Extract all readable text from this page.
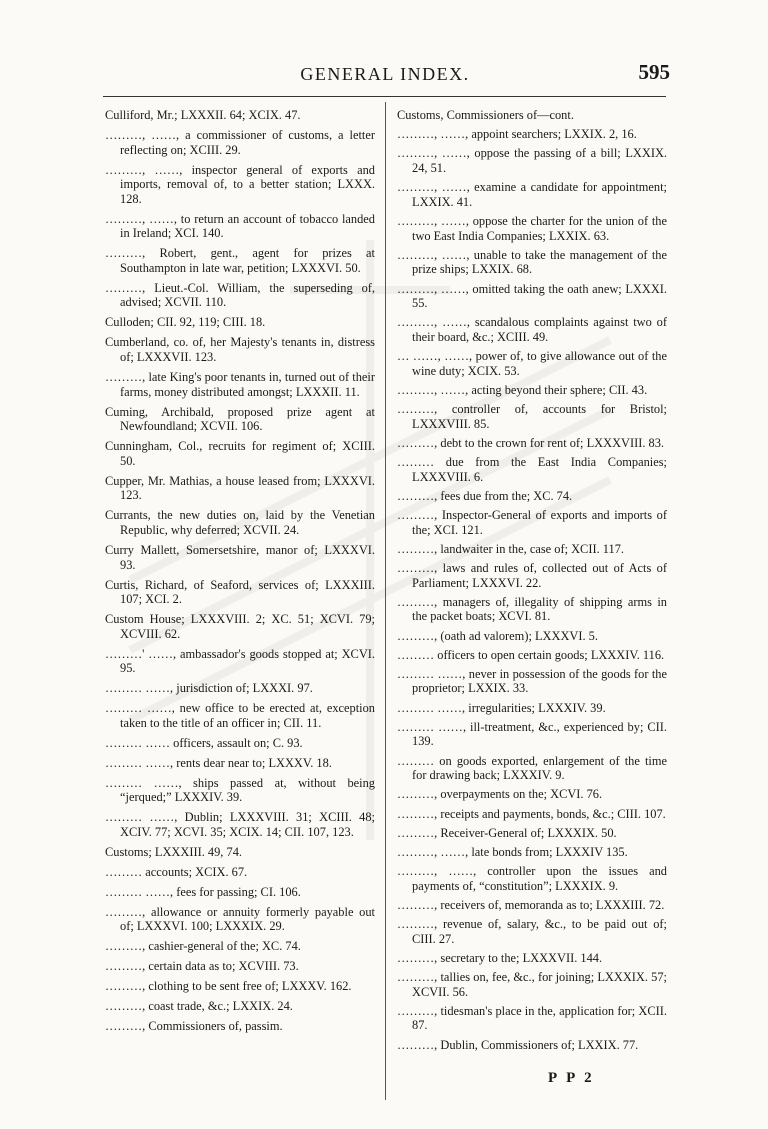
GENERAL INDEX.	595

Culliford, Mr.; LXXXII. 64; XCIX. 47.

………, ……, a commissioner of customs, a letter reflecting on; XCIII. 29.

………, ……, inspector general of exports and imports, removal of, to a better station; LXXX. 128.

………, ……, to return an account of tobacco landed in Ireland; XCI. 140.

………, Robert, gent., agent for prizes at Southampton in late war, petition; LXXXVI. 50.

………, Lieut.-Col. William, the superseding of, advised; XCVII. 110.

Culloden; CII. 92, 119; CIII. 18.

Cumberland, co. of, her Majesty's tenants in, distress of; LXXXVII. 123.

………, late King's poor tenants in, turned out of their farms, money distributed amongst; LXXXII. 11.

Cuming, Archibald, proposed prize agent at Newfoundland; XCVII. 106.

Cunningham, Col., recruits for regiment of; XCIII. 50.

Cupper, Mr. Mathias, a house leased from; LXXXVI. 123.

Currants, the new duties on, laid by the Venetian Republic, why deferred; XCVII. 24.

Curry Mallett, Somersetshire, manor of; LXXXVI. 93.

Curtis, Richard, of Seaford, services of; LXXXIII. 107; XCI. 2.

Custom House; LXXXVIII. 2; XC. 51; XCVI. 79; XCVIII. 62.

………' ……, ambassador's goods stopped at; XCVI. 95.

……… ……, jurisdiction of; LXXXI. 97.

……… ……, new office to be erected at, exception taken to the title of an officer in; CII. 11.

……… …… officers, assault on; C. 93.

……… ……, rents dear near to; LXXXV. 18.

……… ……, ships passed at, without being “jerqued;” LXXXIV. 39.

……… ……, Dublin; LXXXVIII. 31; XCIII. 48; XCIV. 77; XCVI. 35; XCIX. 14; CII. 107, 123.

Customs; LXXXIII. 49, 74.

……… accounts; XCIX. 67.

……… ……, fees for passing; CI. 106.

………, allowance or annuity formerly payable out of; LXXXVI. 100; LXXXIX. 29.

………, cashier-general of the; XC. 74.

………, certain data as to; XCVIII. 73.

………, clothing to be sent free of; LXXXV. 162.

………, coast trade, &c.; LXXIX. 24.

………, Commissioners of, passim.

Customs, Commissioners of—cont.

………, ……, appoint searchers; LXXIX. 2, 16.

………, ……, oppose the passing of a bill; LXXIX. 24, 51.

………, ……, examine a candidate for appointment; LXXIX. 41.

………, ……, oppose the charter for the union of the two East India Companies; LXXIX. 63.

………, ……, unable to take the management of the prize ships; LXXIX. 68.

………, ……, omitted taking the oath anew; LXXXI. 55.

………, ……, scandalous complaints against two of their board, &c.; XCIII. 49.

… ……, ……, power of, to give allowance out of the wine duty; XCIX. 53.

………, ……, acting beyond their sphere; CII. 43.

………, controller of, accounts for Bristol; LXXXVIII. 85.

………, debt to the crown for rent of; LXXXVIII. 83.

……… due from the East India Companies; LXXXVIII. 6.

………, fees due from the; XC. 74.

………, Inspector-General of exports and imports of the; XCI. 121.

………, landwaiter in the, case of; XCII. 117.

………, laws and rules of, collected out of Acts of Parliament; LXXXVI. 22.

………, managers of, illegality of shipping arms in the packet boats; XCVI. 81.

………, (oath ad valorem); LXXXVI. 5.

……… officers to open certain goods; LXXXIV. 116.

……… ……, never in possession of the goods for the proprietor; LXXIX. 33.

……… ……, irregularities; LXXXIV. 39.

……… ……, ill-treatment, &c., experienced by; CII. 139.

……… on goods exported, enlargement of the time for drawing back; LXXXIV. 9.

………, overpayments on the; XCVI. 76.

………, receipts and payments, bonds, &c.; CIII. 107.

………, Receiver-General of; LXXXIX. 50.

………, ……, late bonds from; LXXXIV 135.

………, ……, controller upon the issues and payments of, “constitution”; LXXXIX. 9.

………, receivers of, memoranda as to; LXXXIII. 72.

………, revenue of, salary, &c., to be paid out of; CIII. 27.

………, secretary to the; LXXXVII. 144.

………, tallies on, fee, &c., for joining; LXXXIX. 57; XCVII. 56.

………, tidesman's place in the, application for; XCII. 87.

………, Dublin, Commissioners of; LXXIX. 77.

P P 2
